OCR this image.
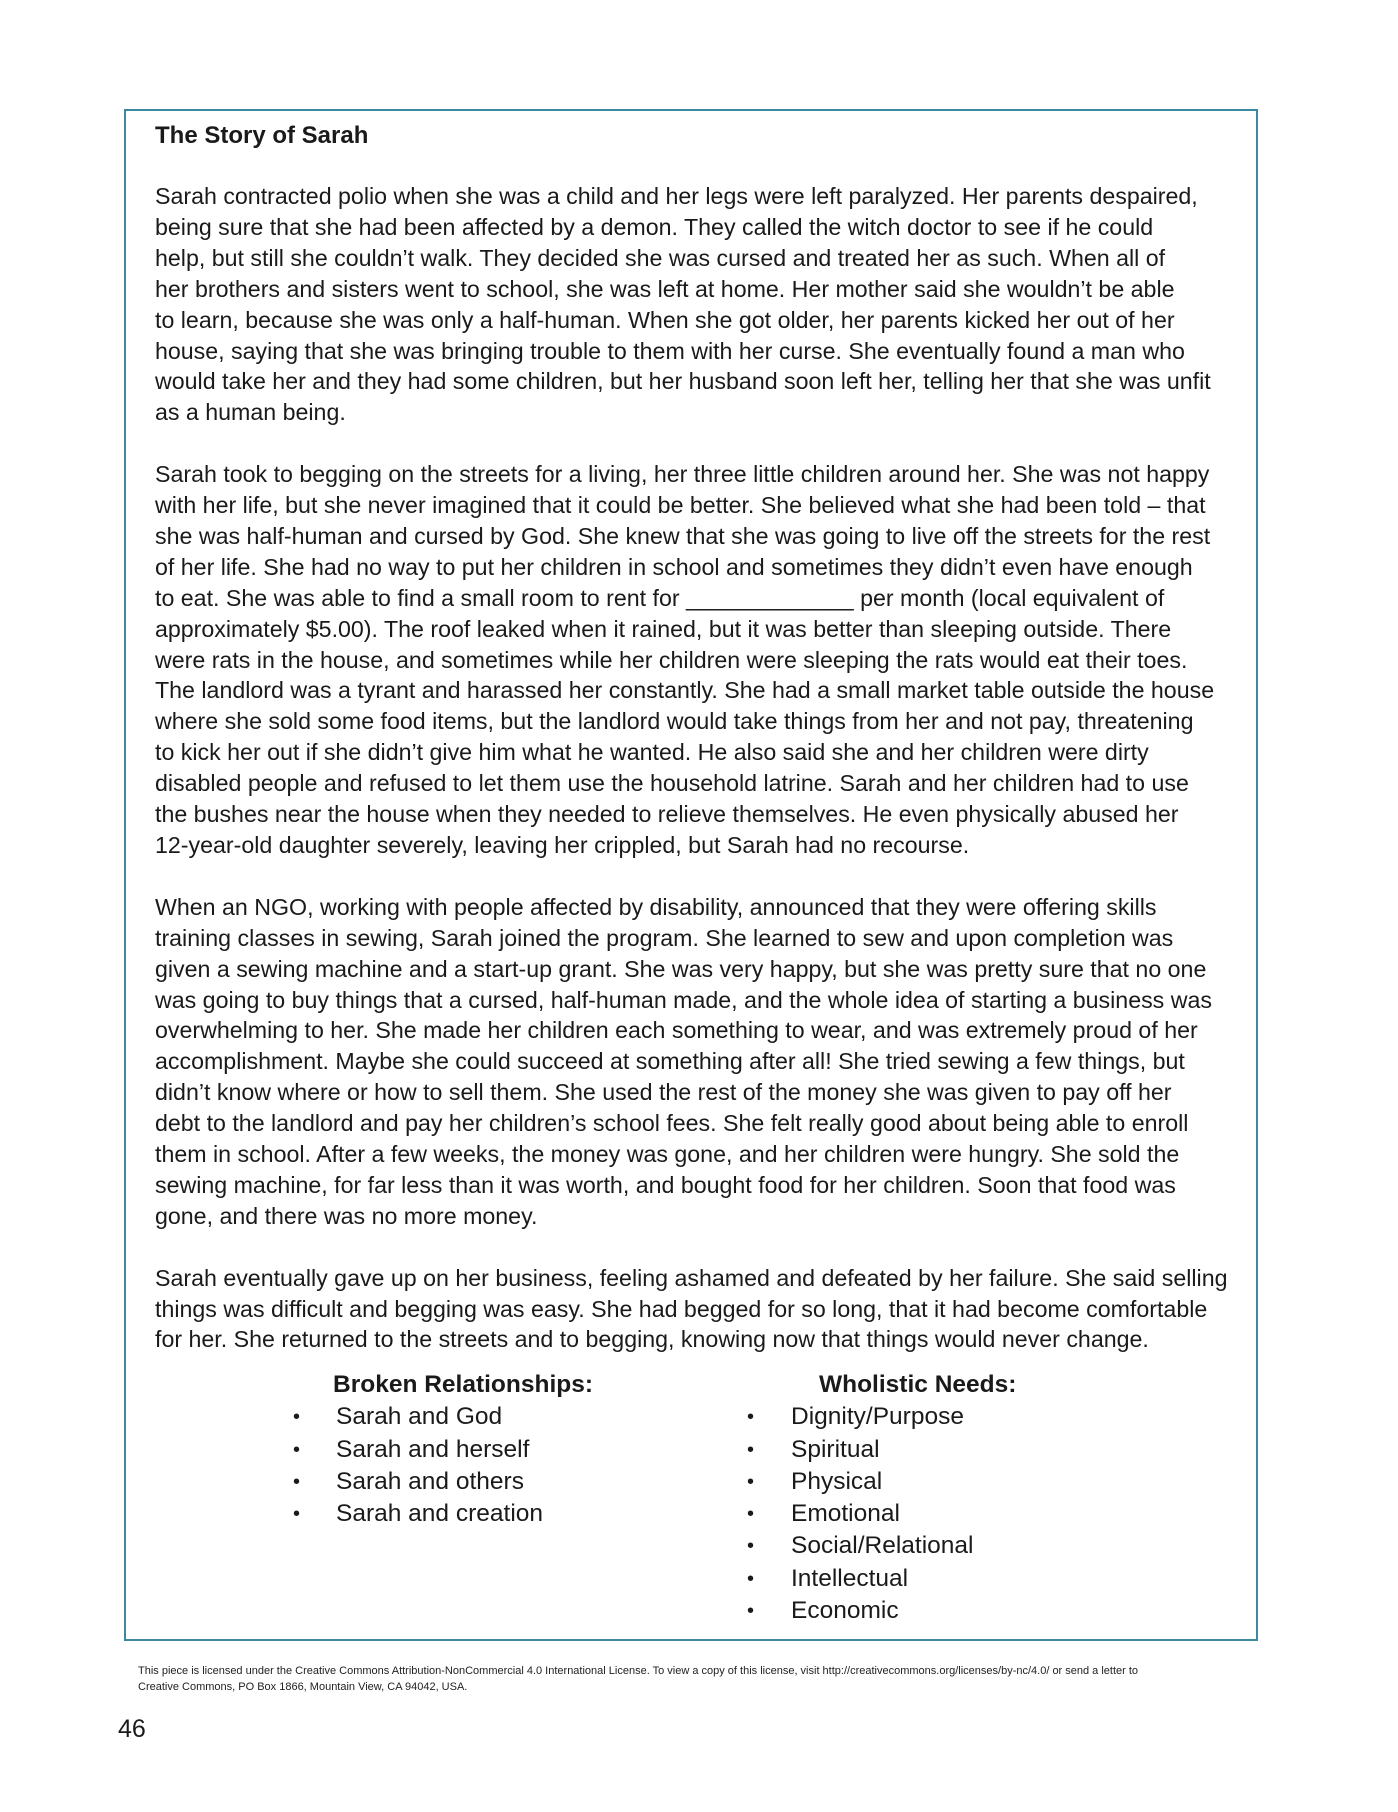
The Story of Sarah

Sarah contracted polio when she was a child and her legs were left paralyzed. Her parents despaired,
being sure that she had been affected by a demon. They called the witch doctor to see if he could
help, but still she couldn’t walk. They decided she was cursed and treated her as such. When all of
her brothers and sisters went to school, she was left at home. Her mother said she wouldn’t be able
to learn, because she was only a half-human. When she got older, her parents kicked her out of her
house, saying that she was bringing trouble to them with her curse. She eventually found a man who
would take her and they had some children, but her husband soon left her, telling her that she was unfit
as a human being.

Sarah took to begging on the streets for a living, her three little children around her. She was not happy
with her life, but she never imagined that it could be better. She believed what she had been told – that
she was half-human and cursed by God. She knew that she was going to live off the streets for the rest
of her life. She had no way to put her children in school and sometimes they didn’t even have enough
to eat. She was able to find a small room to rent for _____________ per month (local equivalent of
approximately $5.00). The roof leaked when it rained, but it was better than sleeping outside. There
were rats in the house, and sometimes while her children were sleeping the rats would eat their toes.
The landlord was a tyrant and harassed her constantly. She had a small market table outside the house
where she sold some food items, but the landlord would take things from her and not pay, threatening
to kick her out if she didn’t give him what he wanted. He also said she and her children were dirty
disabled people and refused to let them use the household latrine. Sarah and her children had to use
the bushes near the house when they needed to relieve themselves. He even physically abused her
12-year-old daughter severely, leaving her crippled, but Sarah had no recourse.

When an NGO, working with people affected by disability, announced that they were offering skills
training classes in sewing, Sarah joined the program. She learned to sew and upon completion was
given a sewing machine and a start-up grant. She was very happy, but she was pretty sure that no one
was going to buy things that a cursed, half-human made, and the whole idea of starting a business was
overwhelming to her. She made her children each something to wear, and was extremely proud of her
accomplishment. Maybe she could succeed at something after all! She tried sewing a few things, but
didn’t know where or how to sell them. She used the rest of the money she was given to pay off her
debt to the landlord and pay her children’s school fees. She felt really good about being able to enroll
them in school. After a few weeks, the money was gone, and her children were hungry. She sold the
sewing machine, for far less than it was worth, and bought food for her children. Soon that food was
gone, and there was no more money.

Sarah eventually gave up on her business, feeling ashamed and defeated by her failure. She said selling
things was difficult and begging was easy. She had begged for so long, that it had become comfortable
for her. She returned to the streets and to begging, knowing now that things would never change.

Broken Relationships:
• Sarah and God
• Sarah and herself
• Sarah and others
• Sarah and creation
Wholistic Needs:
• Dignity/Purpose
• Spiritual
• Physical
• Emotional
• Social/Relational
• Intellectual
• Economic
This piece is licensed under the Creative Commons Attribution-NonCommercial 4.0 International License. To view a copy of this license, visit http://creativecommons.org/licenses/by-nc/4.0/ or send a letter to
Creative Commons, PO Box 1866, Mountain View, CA 94042, USA.
46
